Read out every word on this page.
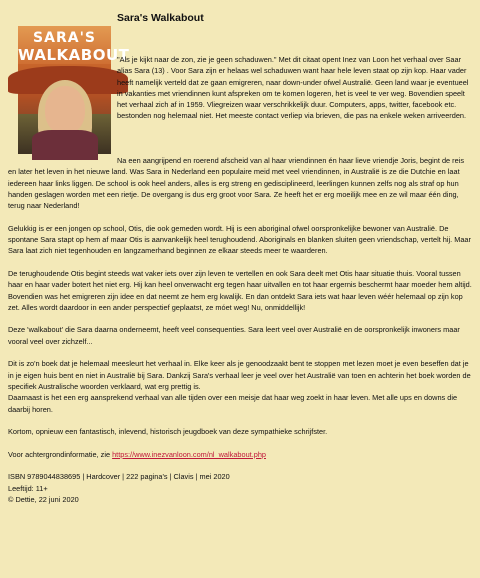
Sara's Walkabout
SARA'S
WALKABOUT

"Als je kijkt naar de zon, zie je geen schaduwen." Met dit citaat opent Inez van Loon het verhaal over Saar alias Sara (13) . Voor Sara zijn er helaas wel schaduwen want haar hele leven staat op zijn kop. Haar vader heeft namelijk verteld dat ze gaan emigreren, naar down-under ofwel Australië. Geen land waar je eventueel in vakanties met vriendinnen kunt afspreken om te komen logeren, het is veel te ver weg. Bovendien speelt het verhaal zich af in 1959. Vliegreizen waar verschrikkelijk duur. Computers, apps, twitter, facebook etc. bestonden nog helemaal niet. Het meeste contact verliep via brieven, die pas na enkele weken arriveerden.

Na een aangrijpend en roerend afscheid van al haar vriendinnen én haar lieve vriendje Joris, begint de reis en later het leven in het nieuwe land. Was Sara in Nederland een populaire meid met veel vriendinnen, in Australië is ze die Dutchie en laat iedereen haar links liggen. De school is ook heel anders, alles is erg streng en gedisciplineerd, leerlingen kunnen zelfs nog als straf op hun handen geslagen worden met een rietje. De overgang is dus erg groot voor Sara. Ze heeft het er erg moeilijk mee en ze wil maar één ding, terug naar Nederland!

Gelukkig is er een jongen op school, Otis, die ook gemeden wordt. Hij is een aboriginal ofwel oorspronkelijke bewoner van Australië. De spontane Sara stapt op hem af maar Otis is aanvankelijk heel terughoudend. Aboriginals en blanken sluiten geen vriendschap, vertelt hij. Maar Sara laat zich niet tegenhouden en langzamerhand beginnen ze elkaar steeds meer te waarderen.

De terughoudende Otis begint steeds wat vaker iets over zijn leven te vertellen en ook Sara deelt met Otis haar situatie thuis. Vooral tussen haar en haar vader botert het niet erg. Hij kan heel onverwacht erg tegen haar uitvallen en tot haar ergernis beschermt haar moeder hem altijd. Bovendien was het emigreren zijn idee en dat neemt ze hem erg kwalijk. En dan ontdekt Sara iets wat haar leven wéér helemaal op zijn kop zet. Alles wordt daardoor in een ander perspectief geplaatst, ze móet weg! Nu, onmiddellijk!

Deze 'walkabout' die Sara daarna onderneemt, heeft veel consequenties. Sara leert veel over Australië en de oorspronkelijk inwoners maar vooral veel over zichzelf...

Dit is zo'n boek dat je helemaal meesleurt het verhaal in. Elke keer als je genoodzaakt bent te stoppen met lezen moet je even beseffen dat je in je eigen huis bent en niet in Australië bij Sara. Dankzij Sara's verhaal leer je veel over het Australië van toen en achterin het boek worden de specifiek Australische woorden verklaard, wat erg prettig is.

Daarnaast is het een erg aansprekend verhaal van alle tijden over een meisje dat haar weg zoekt in haar leven. Met alle ups en downs die daarbij horen.

Kortom, opnieuw een fantastisch, inlevend, historisch jeugdboek van deze sympathieke schrijfster.

Voor achtergrondinformatie, zie https://www.inezvanloon.com/nl_walkabout.php

ISBN 9789044838695 | Hardcover | 222 pagina's | Clavis | mei 2020

Leeftijd: 11+

© Dettie, 22 juni 2020
